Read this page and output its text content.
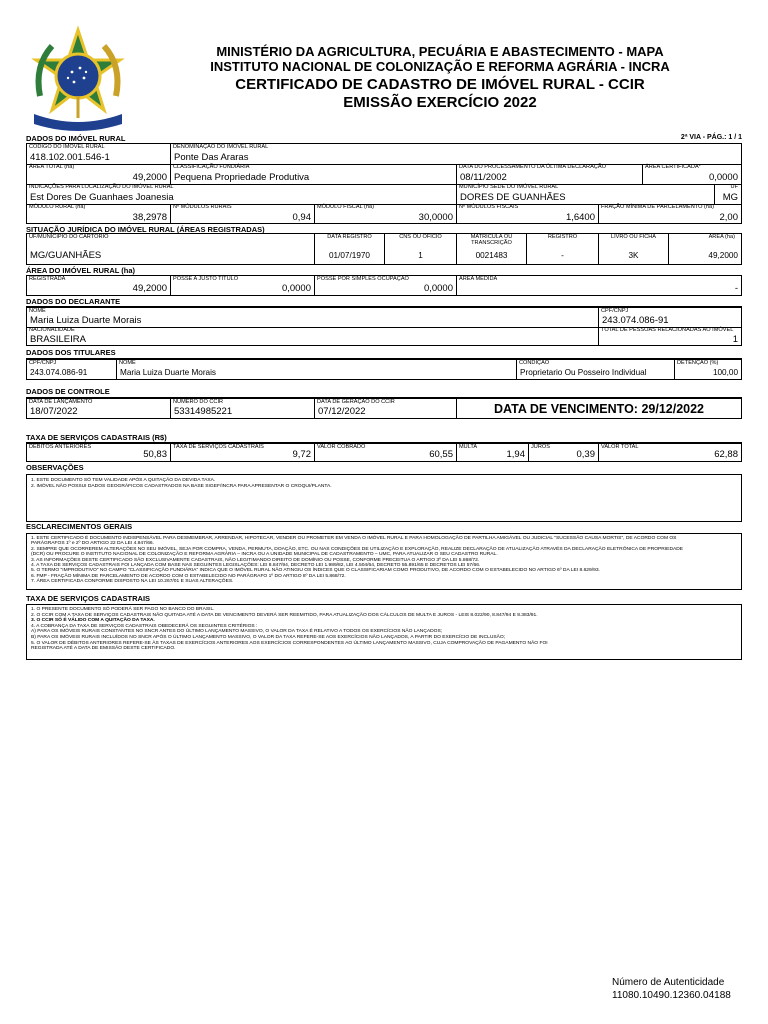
MINISTÉRIO DA AGRICULTURA, PECUÁRIA E ABASTECIMENTO - MAPA
INSTITUTO NACIONAL DE COLONIZAÇÃO E REFORMA AGRÁRIA - INCRA
CERTIFICADO DE CADASTRO DE IMÓVEL RURAL - CCIR
EMISSÃO EXERCÍCIO 2022
DADOS DO IMÓVEL RURAL	2ª VIA - PÁG.: 1 / 1
CÓDIGO DO IMÓVEL RURAL
418.102.001.546-1
DENOMINAÇÃO DO IMÓVEL RURAL
Ponte Das Araras
ÁREA TOTAL (ha)
49,2000
CLASSIFICAÇÃO FUNDIÁRIA
Pequena Propriedade Produtiva
DATA DO PROCESSAMENTO DA ÚLTIMA DECLARAÇÃO
08/11/2002
ÁREA CERTIFICADA*
0,0000
INDICAÇÕES PARA LOCALIZAÇÃO DO IMÓVEL RURAL
Est Dores De Guanhaes Joanesia
MUNICÍPIO SEDE DO IMÓVEL RURAL
DORES DE GUANHÃES
UF
MG
MÓDULO RURAL (ha)
38,2978
Nº MÓDULOS RURAIS
0,94
MÓDULO FISCAL (ha)
30,0000
Nº MÓDULOS FISCAIS
1,6400
FRAÇÃO MÍNIMA DE PARCELAMENTO (ha)
2,00
SITUAÇÃO JURÍDICA DO IMÓVEL RURAL (ÁREAS REGISTRADAS)
UF/MUNICÍPIO DO CARTÓRIO
MG/GUANHÃES
DATA REGISTRO
01/07/1970
CNS OU OFÍCIO
1
MATRÍCULA OU TRANSCRIÇÃO
0021483
REGISTRO
-
LIVRO OU FICHA
3K
ÁREA (ha)
49,2000
ÁREA DO IMÓVEL RURAL (ha)
REGISTRADA
49,2000
POSSE A JUSTO TÍTULO
0,0000
POSSE POR SIMPLES OCUPAÇÃO
0,0000
ÁREA MEDIDA
-
DADOS DO DECLARANTE
NOME
Maria Luiza Duarte Morais
CPF/CNPJ
243.074.086-91
NACIONALIDADE
BRASILEIRA
TOTAL DE PESSOAS RELACIONADAS AO IMÓVEL
1
DADOS DOS TITULARES
CPF/CNPJ
243.074.086-91
NOME
Maria Luiza Duarte Morais
CONDIÇÃO
Proprietario Ou Posseiro Individual
DETENÇÃO (%)
100,00
DADOS DE CONTROLE
DATA DE LANÇAMENTO
18/07/2022
NÚMERO DO CCIR
53314985221
DATA DE GERAÇÃO DO CCIR
07/12/2022	DATA DE VENCIMENTO: 29/12/2022
TAXA DE SERVIÇOS CADASTRAIS (R$)
DÉBITOS ANTERIORES
50,83
TAXA DE SERVIÇOS CADASTRAIS
9,72
VALOR COBRADO
60,55
MULTA
1,94
JUROS
0,39
VALOR TOTAL
62,88
OBSERVAÇÕES
1. ESTE DOCUMENTO SÓ TEM VALIDADE APÓS A QUITAÇÃO DA DEVIDA TAXA.
2. IMÓVEL NÃO POSSUI DADOS GEOGRÁFICOS CADASTRADOS NA BASE SIGEF/INCRA PARA APRESENTAR O CROQUI/PLANTA.
ESCLARECIMENTOS GERAIS
1. ESTE CERTIFICADO É DOCUMENTO INDISPENSÁVEL PARA DESMEMBRAR, ARRENDAR, HIPOTECAR, VENDER OU PROMETER EM VENDA O IMÓVEL RURAL E PARA HOMOLOGAÇÃO DE PARTILHA AMIGÁVEL OU JUDICIAL "SUCESSÃO CAUSA MORTIS", DE ACORDO COM OS
PARÁGRAFOS 1º e 2º DO ARTIGO 22 DA LEI 4.947/66.
2. SEMPRE QUE OCORREREM ALTERAÇÕES NO SEU IMÓVEL, SEJA POR COMPRA, VENDA, PERMUTA, DOAÇÃO, ETC. OU NAS CONDIÇÕES DE UTILIZAÇÃO E EXPLORAÇÃO, REALIZE DECLARAÇÃO DE ATUALIZAÇÃO ATRAVÉS DA DECLARAÇÃO ELETRÔNICA DE PROPRIEDADE
(DCR) OU PROCURE O INSTITUTO NACIONAL DE COLONIZAÇÃO E REFORMA AGRÁRIA – INCRA OU A UNIDADE MUNICIPAL DE CADASTRAMENTO – UMC, PARA ATUALIZAR O SEU CADASTRO RURAL.
3. AS INFORMAÇÕES DESTE CERTIFICADO SÃO EXCLUSIVAMENTE CADASTRAIS, NÃO LEGITIMANDO DIREITO DE DOMÍNIO OU POSSE, CONFORME PRECEITUA O ARTIGO 3º DA LEI 5.868/72.
4. A TAXA DE SERVIÇOS CADASTRAIS FOI LANÇADA COM BASE NAS SEGUINTES LEGISLAÇÕES: LEI 8.847/94, DECRETO LEI 1.989/82, LEI 4.504/64, DECRETO 55.891/65 E DECRETOS LEI 57/66.
5. O TERMO "IMPRODUTIVO" NO CAMPO "CLASSIFICAÇÃO FUNDIÁRIA" INDICA QUE O IMÓVEL RURAL NÃO ATINGIU OS ÍNDICES QUE O CLASSIFICARIAM COMO PRODUTIVO, DE ACORDO COM O ESTABELECIDO NO ARTIGO 6º DA LEI 8.629/93.
6. FMP - FRAÇÃO MÍNIMA DE PARCELAMENTO DE ACORDO COM O ESTABELECIDO NO PARÁGRAFO 1º DO ARTIGO 8º DA LEI 5.868/72.
7. ÁREA CERTIFICADA CONFORME DISPOSTO NA LEI 10.267/01 E SUAS ALTERAÇÕES.
TAXA DE SERVIÇOS CADASTRAIS
1. O PRESENTE DOCUMENTO SÓ PODERÁ SER PAGO NO BANCO DO BRASIL.
2. O CCIR COM A TAXA DE SERVIÇOS CADASTRAIS NÃO QUITADA ATÉ A DATA DE VENCIMENTO DEVERÁ SER REEMITIDO, PARA ATUALIZAÇÃO DOS CÁLCULOS DE MULTA E JUROS - LEIS 8.022/90, 8.847/94 E 8.383/91.
3. O CCIR SÓ É VÁLIDO COM A QUITAÇÃO DA TAXA.
4. A COBRANÇA DA TAXA DE SERVIÇOS CADASTRAIS OBEDECERÁ OS SEGUINTES CRITÉRIOS :
A) PARA OS IMÓVEIS RURAIS CONSTANTES NO SNCR ANTES DO ÚLTIMO LANÇAMENTO MASSIVO, O VALOR DA TAXA É RELATIVO A TODOS OS EXERCÍCIOS NÃO LANÇADOS;
B) PARA OS IMÓVEIS RURAIS INCLUÍDOS NO SNCR APÓS O ÚLTIMO LANÇAMENTO MASSIVO, O VALOR DA TAXA REFERE-SE AOS EXERCÍCIOS NÃO LANÇADOS, A PARTIR DO EXERCÍCIO DE INCLUSÃO;
5. O VALOR DE DÉBITOS ANTERIORES REFERE-SE ÀS TAXAS DE EXERCÍCIOS ANTERIORES AOS EXERCÍCIOS CORRESPONDENTES AO ÚLTIMO LANÇAMENTO MASSIVO, CUJA COMPROVAÇÃO DE PAGAMENTO NÃO FOI
REGISTRADA ATÉ A DATA DE EMISSÃO DESTE CERTIFICADO.
Número de Autenticidade
11080.10490.12360.04188
